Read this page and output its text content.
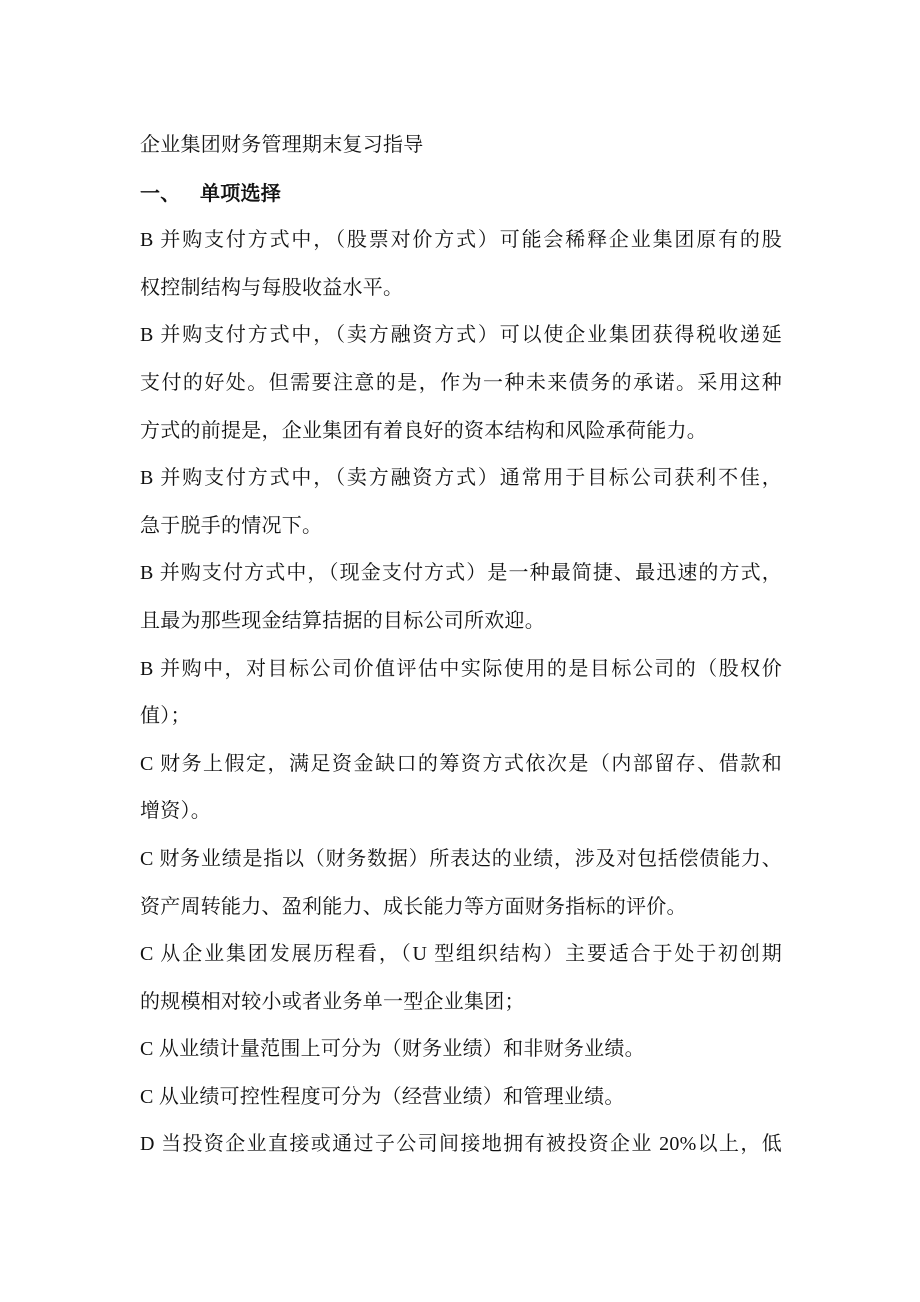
企业集团财务管理期末复习指导
一、 单项选择
B 并购支付方式中，（股票对价方式）可能会稀释企业集团原有的股
权控制结构与每股收益水平。
B 并购支付方式中，（卖方融资方式）可以使企业集团获得税收递延
支付的好处。但需要注意的是，作为一种未来债务的承诺。采用这种
方式的前提是，企业集团有着良好的资本结构和风险承荷能力。
B 并购支付方式中，（卖方融资方式）通常用于目标公司获利不佳，
急于脱手的情况下。
B 并购支付方式中，（现金支付方式）是一种最简捷、最迅速的方式，
且最为那些现金结算拮据的目标公司所欢迎。
B 并购中，对目标公司价值评估中实际使用的是目标公司的（股权价
值）；
C 财务上假定，满足资金缺口的筹资方式依次是（内部留存、借款和
增资）。
C 财务业绩是指以（财务数据）所表达的业绩，涉及对包括偿债能力、
资产周转能力、盈利能力、成长能力等方面财务指标的评价。
C 从企业集团发展历程看，（U 型组织结构）主要适合于处于初创期
的规模相对较小或者业务单一型企业集团；
C 从业绩计量范围上可分为（财务业绩）和非财务业绩。
C 从业绩可控性程度可分为（经营业绩）和管理业绩。
D 当投资企业直接或通过子公司间接地拥有被投资企业 20%以上，低
